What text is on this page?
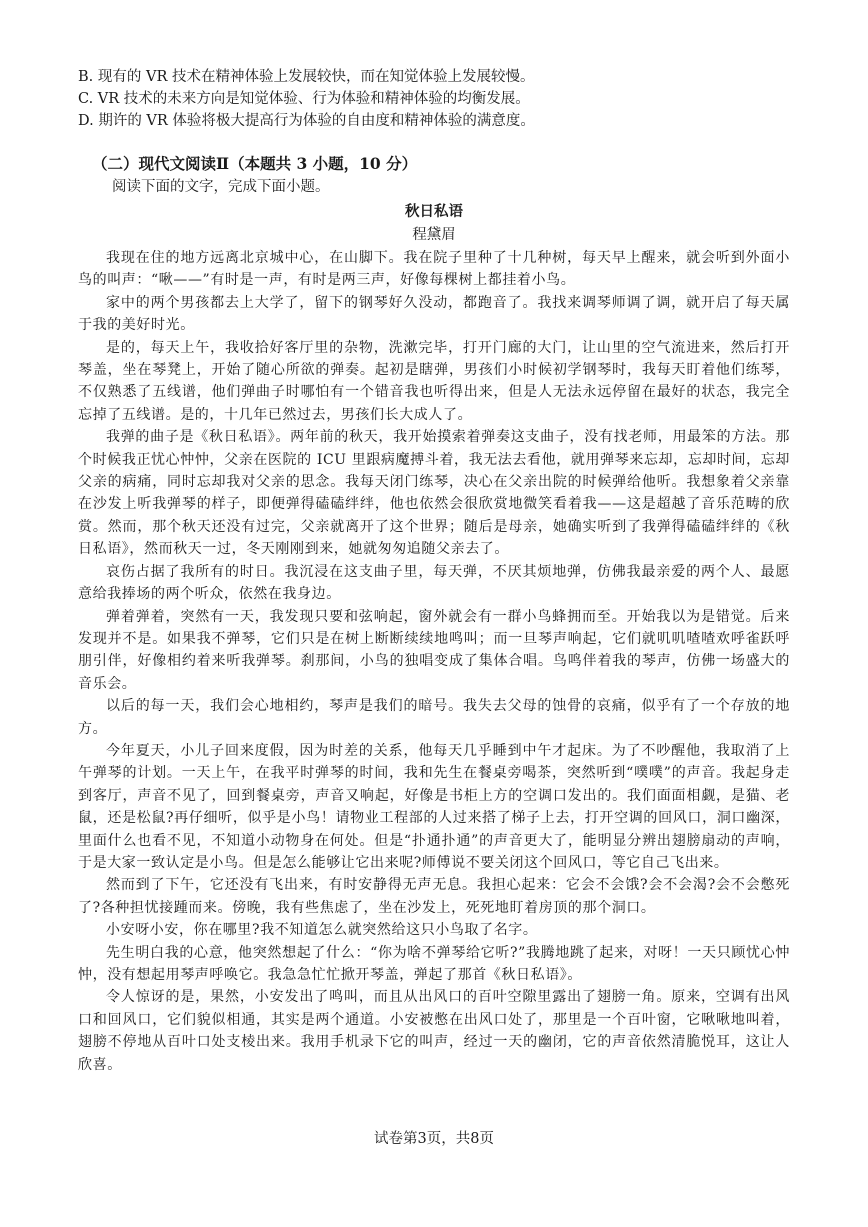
B. 现有的 VR 技术在精神体验上发展较快，而在知觉体验上发展较慢。

C. VR 技术的未来方向是知觉体验、行为体验和精神体验的均衡发展。

D. 期许的 VR 体验将极大提高行为体验的自由度和精神体验的满意度。

（二）现代文阅读Ⅱ（本题共 3 小题，10 分）
阅读下面的文字，完成下面小题。
秋日私语
程黛眉

我现在住的地方远离北京城中心，在山脚下。我在院子里种了十几种树，每天早上醒来，就会听到外面小鸟的叫声：“啾——”有时是一声，有时是两三声，好像每棵树上都挂着小鸟。

家中的两个男孩都去上大学了，留下的钢琴好久没动，都跑音了。我找来调琴师调了调，就开启了每天属于我的美好时光。

是的，每天上午，我收拾好客厅里的杂物，洗漱完毕，打开门廊的大门，让山里的空气流进来，然后打开琴盖，坐在琴凳上，开始了随心所欲的弹奏。起初是瞎弹，男孩们小时候初学钢琴时，我每天盯着他们练琴，不仅熟悉了五线谱，他们弹曲子时哪怕有一个错音我也听得出来，但是人无法永远停留在最好的状态，我完全忘掉了五线谱。是的，十几年已然过去，男孩们长大成人了。

我弹的曲子是《秋日私语》。两年前的秋天，我开始摸索着弹奏这支曲子，没有找老师，用最笨的方法。那个时候我正忧心忡忡，父亲在医院的 ICU 里跟病魔搏斗着，我无法去看他，就用弹琴来忘却，忘却时间，忘却父亲的病痛，同时忘却我对父亲的思念。我每天闭门练琴，决心在父亲出院的时候弹给他听。我想象着父亲靠在沙发上听我弹琴的样子，即便弹得磕磕绊绊，他也依然会很欣赏地微笑看着我——这是超越了音乐范畴的欣赏。然而，那个秋天还没有过完，父亲就离开了这个世界；随后是母亲，她确实听到了我弹得磕磕绊绊的《秋日私语》，然而秋天一过，冬天刚刚到来，她就匆匆追随父亲去了。

哀伤占据了我所有的时日。我沉浸在这支曲子里，每天弹，不厌其烦地弹，仿佛我最亲爱的两个人、最愿意给我捧场的两个听众，依然在我身边。

弹着弹着，突然有一天，我发现只要和弦响起，窗外就会有一群小鸟蜂拥而至。开始我以为是错觉。后来发现并不是。如果我不弹琴，它们只是在树上断断续续地鸣叫；而一旦琴声响起，它们就叽叽喳喳欢呼雀跃呼朋引伴，好像相约着来听我弹琴。刹那间，小鸟的独唱变成了集体合唱。鸟鸣伴着我的琴声，仿佛一场盛大的音乐会。

以后的每一天，我们会心地相约，琴声是我们的暗号。我失去父母的蚀骨的哀痛，似乎有了一个存放的地方。

今年夏天，小儿子回来度假，因为时差的关系，他每天几乎睡到中午才起床。为了不吵醒他，我取消了上午弹琴的计划。一天上午，在我平时弹琴的时间，我和先生在餐桌旁喝茶，突然听到“噗噗”的声音。我起身走到客厅，声音不见了，回到餐桌旁，声音又响起，好像是书柜上方的空调口发出的。我们面面相觑，是猫、老鼠，还是松鼠?再仔细听，似乎是小鸟！请物业工程部的人过来搭了梯子上去，打开空调的回风口，洞口幽深，里面什么也看不见，不知道小动物身在何处。但是“扑通扑通”的声音更大了，能明显分辨出翅膀扇动的声响，于是大家一致认定是小鸟。但是怎么能够让它出来呢?师傅说不要关闭这个回风口，等它自己飞出来。

然而到了下午，它还没有飞出来，有时安静得无声无息。我担心起来：它会不会饿?会不会渴?会不会憋死了?各种担忧接踵而来。傍晚，我有些焦虑了，坐在沙发上，死死地盯着房顶的那个洞口。

小安呀小安，你在哪里?我不知道怎么就突然给这只小鸟取了名字。

先生明白我的心意，他突然想起了什么：“你为啥不弹琴给它听?”我腾地跳了起来，对呀！一天只顾忧心忡忡，没有想起用琴声呼唤它。我急急忙忙掀开琴盖，弹起了那首《秋日私语》。

令人惊讶的是，果然，小安发出了鸣叫，而且从出风口的百叶空隙里露出了翅膀一角。原来，空调有出风口和回风口，它们貌似相通，其实是两个通道。小安被憋在出风口处了，那里是一个百叶窗，它啾啾地叫着，翅膀不停地从百叶口处支棱出来。我用手机录下它的叫声，经过一天的幽闭，它的声音依然清脆悦耳，这让人欣喜。

试卷第3页，共8页
